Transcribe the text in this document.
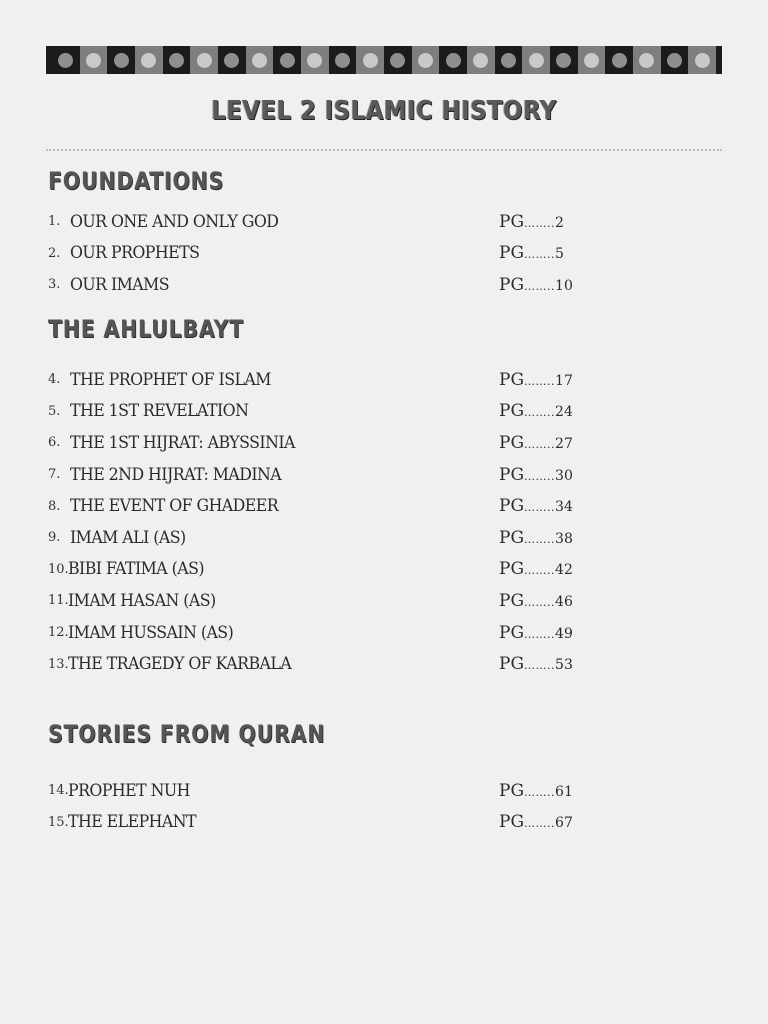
LEVEL 2 ISLAMIC HISTORY
FOUNDATIONS
1. OUR ONE AND ONLY GOD	PG……..2
2. OUR PROPHETS	PG……..5
3. OUR IMAMS	PG……..10
THE AHLULBAYT
4. THE PROPHET OF ISLAM	PG……..17
5. THE 1ST REVELATION	PG……..24
6. THE 1ST HIJRAT: ABYSSINIA	PG……..27
7. THE 2ND HIJRAT: MADINA	PG……..30
8. THE EVENT OF GHADEER	PG……..34
9. IMAM ALI (AS)	PG……..38
10. BIBI FATIMA (AS)	PG……..42
11. IMAM HASAN (AS)	PG……..46
12. IMAM HUSSAIN (AS)	PG……..49
13. THE TRAGEDY OF KARBALA	PG……..53
STORIES FROM QURAN
14. PROPHET NUH	PG……..61
15. THE ELEPHANT	PG……..67
